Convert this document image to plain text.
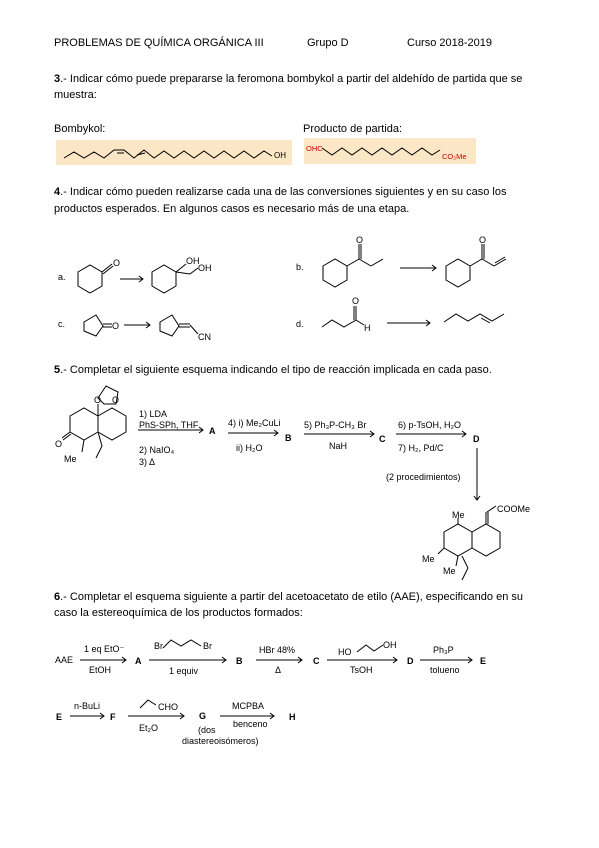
PROBLEMAS DE QUÍMICA ORGÁNICA III	Grupo D	Curso 2018-2019
3.- Indicar cómo puede prepararse la feromona bombykol a partir del aldehído de partida que se
muestra:
Bombykol:	Producto de partida:
OH
OHC
CO₂Me
a.
O	OH
OH	b.
O	O
c.	O
CN
d.
O
H
O O
O
Me
1) LDA
PhS-SPh, THF
2) NaIO₄
3) Δ
A
4) i) Me₂CuLi
ii) H₂O
B
5) Ph₃P-CH₃ Br
NaH
C
6) p-TsOH, H₂O
7) H₂, Pd/C
D
(2 procedimientos)
COOMe
Me
Me
Me
AAE
1 eq EtO⁻
EtOH
A
Br	Br
1 equiv
B
HBr 48%
Δ
C
HO
OH
TsOH
D
Ph₃P
tolueno
E
E
n-BuLi
F
CHO
Et₂O
G
(dos
diastereoisómeros)
MCPBA
benceno
H
4.- Indicar cómo pueden realizarse cada una de las conversiones siguientes y en su caso los
productos esperados. En algunos casos es necesario más de una etapa.
5.- Completar el siguiente esquema indicando el tipo de reacción implicada en cada paso.
6.- Completar el esquema siguiente a partir del acetoacetato de etilo (AAE), especificando en su
caso la estereoquímica de los productos formados:
